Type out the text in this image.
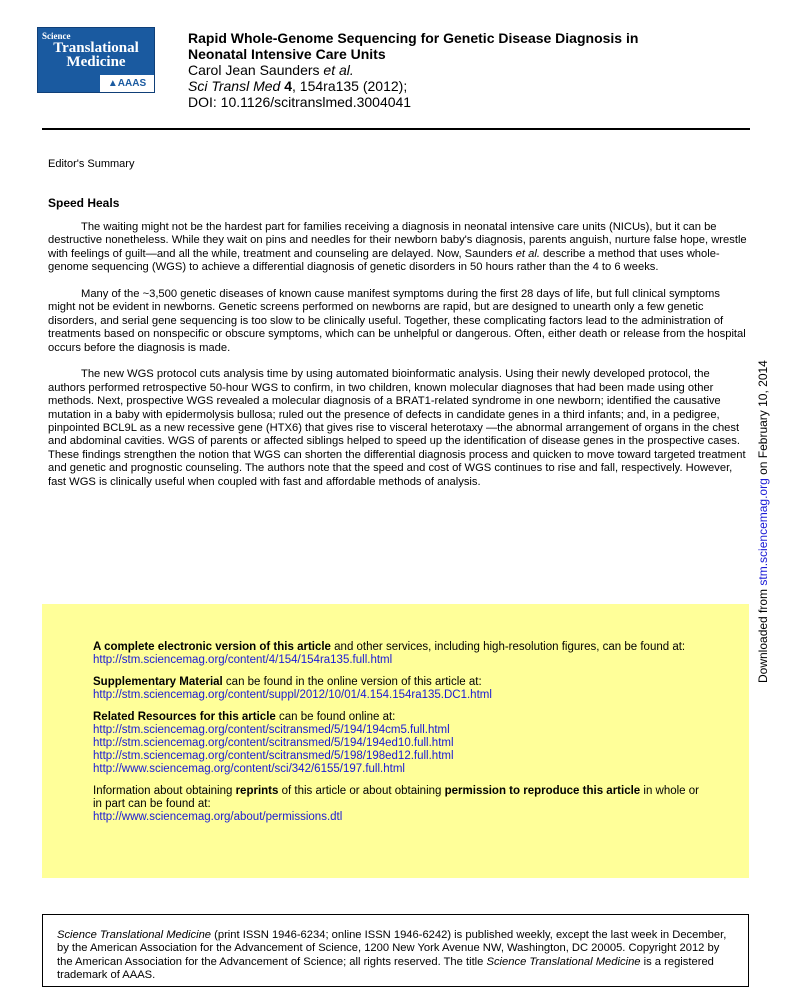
Science
Translational
Medicine
▲AAAS
Rapid Whole-Genome Sequencing for Genetic Disease Diagnosis in
Neonatal Intensive Care Units
Carol Jean Saunders et al.
Sci Transl Med 4, 154ra135 (2012);
DOI: 10.1126/scitranslmed.3004041
Editor's Summary
Speed Heals

The waiting might not be the hardest part for families receiving a diagnosis in neonatal intensive care units (NICUs), but it can be destructive nonetheless. While they wait on pins and needles for their newborn baby's diagnosis, parents anguish, nurture false hope, wrestle with feelings of guilt—and all the while, treatment and counseling are delayed. Now, Saunders et al. describe a method that uses whole-genome sequencing (WGS) to achieve a differential diagnosis of genetic disorders in 50 hours rather than the 4 to 6 weeks.

Many of the ~3,500 genetic diseases of known cause manifest symptoms during the first 28 days of life, but full clinical symptoms might not be evident in newborns. Genetic screens performed on newborns are rapid, but are designed to unearth only a few genetic disorders, and serial gene sequencing is too slow to be clinically useful. Together, these complicating factors lead to the administration of treatments based on nonspecific or obscure symptoms, which can be unhelpful or dangerous. Often, either death or release from the hospital occurs before the diagnosis is made.

The new WGS protocol cuts analysis time by using automated bioinformatic analysis. Using their newly developed protocol, the authors performed retrospective 50-hour WGS to confirm, in two children, known molecular diagnoses that had been made using other methods. Next, prospective WGS revealed a molecular diagnosis of a BRAT1-related syndrome in one newborn; identified the causative mutation in a baby with epidermolysis bullosa; ruled out the presence of defects in candidate genes in a third infants; and, in a pedigree, pinpointed BCL9L as a new recessive gene (HTX6) that gives rise to visceral heterotaxy —the abnormal arrangement of organs in the chest and abdominal cavities. WGS of parents or affected siblings helped to speed up the identification of disease genes in the prospective cases. These findings strengthen the notion that WGS can shorten the differential diagnosis process and quicken to move toward targeted treatment and genetic and prognostic counseling. The authors note that the speed and cost of WGS continues to rise and fall, respectively. However, fast WGS is clinically useful when coupled with fast and affordable methods of analysis.

Downloaded from stm.sciencemag.org on February 10, 2014
A complete electronic version of this article and other services, including high-resolution figures, can be found at:
http://stm.sciencemag.org/content/4/154/154ra135.full.html
Supplementary Material can be found in the online version of this article at:
http://stm.sciencemag.org/content/suppl/2012/10/01/4.154.154ra135.DC1.html
Related Resources for this article can be found online at:
http://stm.sciencemag.org/content/scitransmed/5/194/194cm5.full.html
http://stm.sciencemag.org/content/scitransmed/5/194/194ed10.full.html
http://stm.sciencemag.org/content/scitransmed/5/198/198ed12.full.html
http://www.sciencemag.org/content/sci/342/6155/197.full.html
Information about obtaining reprints of this article or about obtaining permission to reproduce this article in whole or in part can be found at:
http://www.sciencemag.org/about/permissions.dtl
Science Translational Medicine (print ISSN 1946-6234; online ISSN 1946-6242) is published weekly, except the last week in December, by the American Association for the Advancement of Science, 1200 New York Avenue NW, Washington, DC 20005. Copyright 2012 by the American Association for the Advancement of Science; all rights reserved. The title Science Translational Medicine is a registered trademark of AAAS.
